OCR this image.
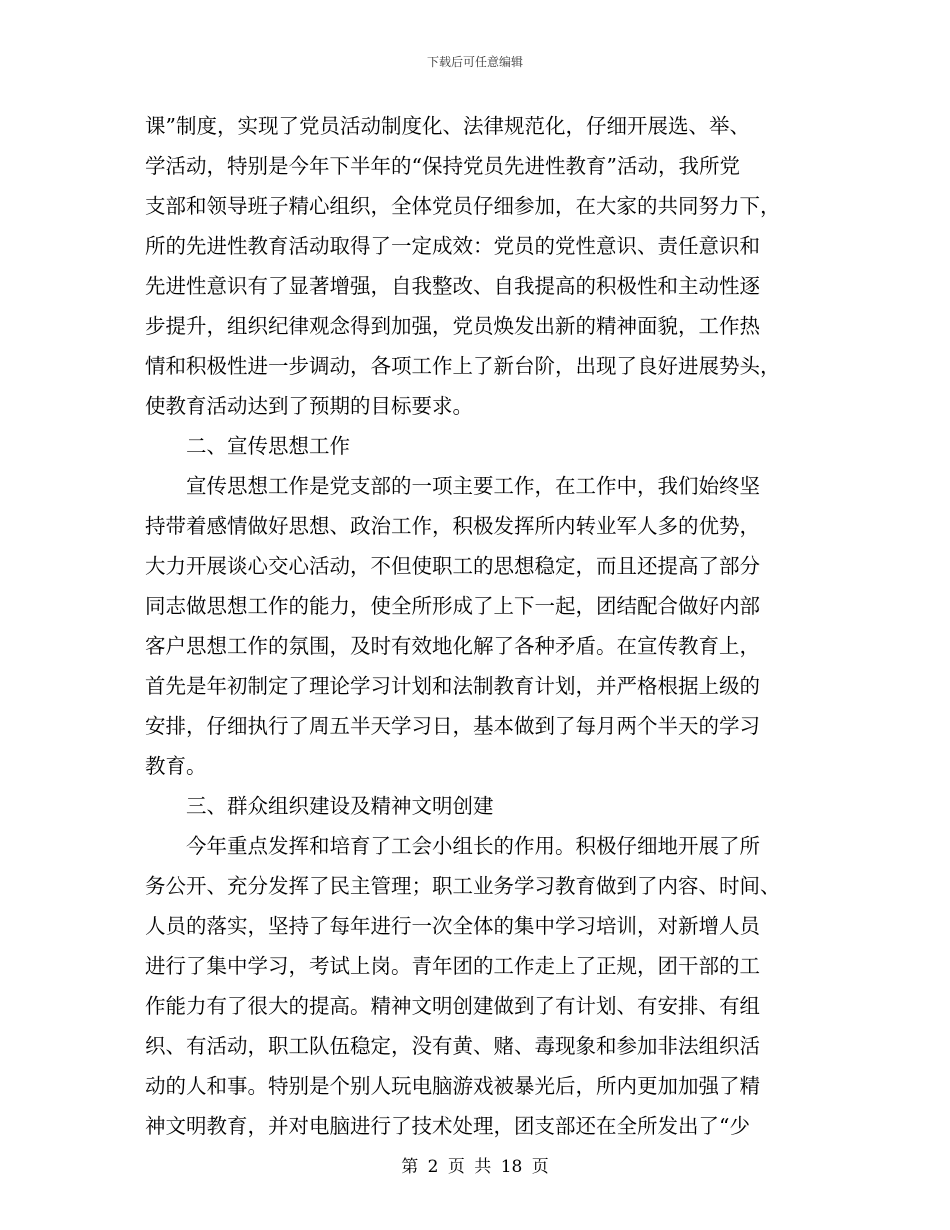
下载后可任意编辑
课”制度，实现了党员活动制度化、法律规范化，仔细开展选、举、
学活动，特别是今年下半年的“保持党员先进性教育”活动，我所党
支部和领导班子精心组织，全体党员仔细参加，在大家的共同努力下，
所的先进性教育活动取得了一定成效：党员的党性意识、责任意识和
先进性意识有了显著增强，自我整改、自我提高的积极性和主动性逐
步提升，组织纪律观念得到加强，党员焕发出新的精神面貌，工作热
情和积极性进一步调动，各项工作上了新台阶，出现了良好进展势头，
使教育活动达到了预期的目标要求。
　　二、宣传思想工作
　　宣传思想工作是党支部的一项主要工作，在工作中，我们始终坚
持带着感情做好思想、政治工作，积极发挥所内转业军人多的优势，
大力开展谈心交心活动，不但使职工的思想稳定，而且还提高了部分
同志做思想工作的能力，使全所形成了上下一起，团结配合做好内部
客户思想工作的氛围，及时有效地化解了各种矛盾。在宣传教育上，
首先是年初制定了理论学习计划和法制教育计划，并严格根据上级的
安排，仔细执行了周五半天学习日，基本做到了每月两个半天的学习
教育。
　　三、群众组织建设及精神文明创建
　　今年重点发挥和培育了工会小组长的作用。积极仔细地开展了所
务公开、充分发挥了民主管理；职工业务学习教育做到了内容、时间、
人员的落实，坚持了每年进行一次全体的集中学习培训，对新增人员
进行了集中学习，考试上岗。青年团的工作走上了正规，团干部的工
作能力有了很大的提高。精神文明创建做到了有计划、有安排、有组
织、有活动，职工队伍稳定，没有黄、赌、毒现象和参加非法组织活
动的人和事。特别是个别人玩电脑游戏被暴光后，所内更加加强了精
神文明教育，并对电脑进行了技术处理，团支部还在全所发出了“少
第 2 页 共 18 页
